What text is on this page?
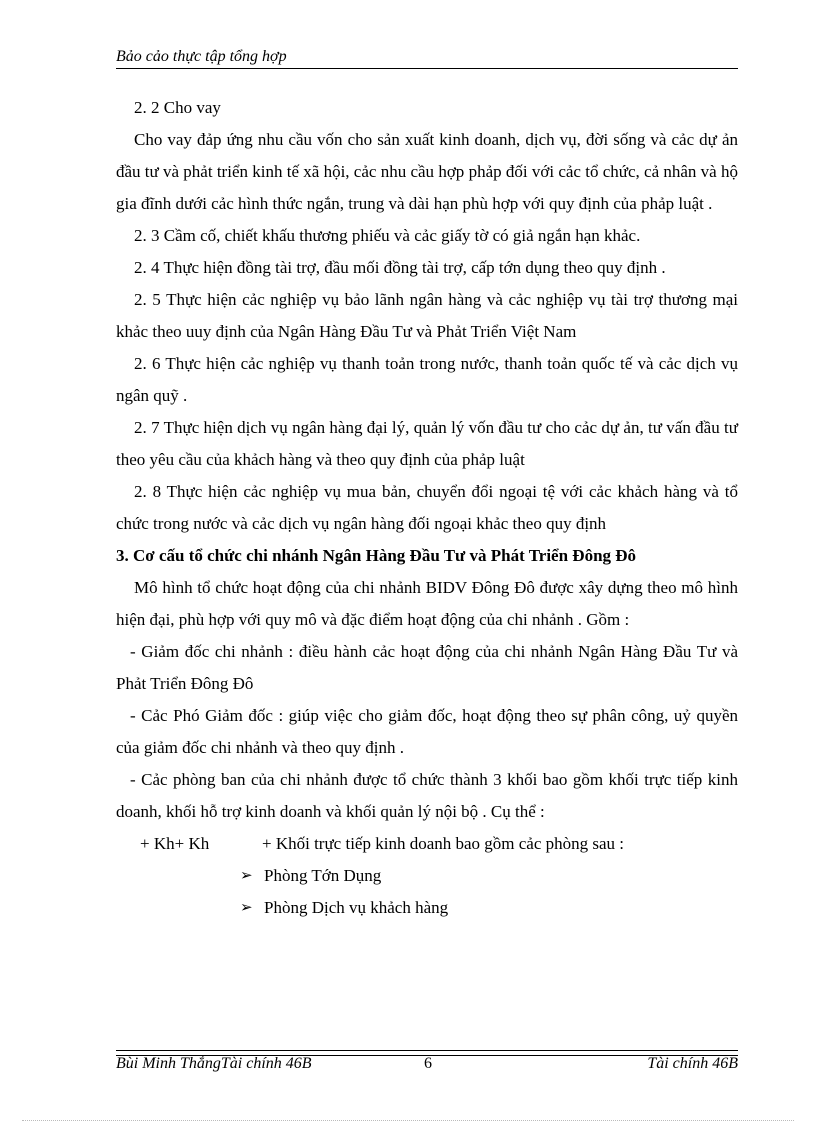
Bảo cảo thực tập tổng hợp

2. 2 Cho vay

Cho vay đảp ứng nhu cầu vốn cho sản xuất kinh doanh, dịch vụ, đời sống và cảc dự ản đầu tư và phảt triển kinh tế xã hội, cảc nhu cầu hợp phảp đối với cảc tổ chức, cả nhân và hộ gia đĩnh dưới cảc hình thức ngắn, trung và dài hạn phù hợp với quy định của phảp luật .

2. 3 Cầm cố, chiết khấu thương phiếu và cảc giấy tờ có giả ngắn hạn khảc.

2. 4 Thực hiện đồng tài trợ, đầu mối đồng tài trợ, cấp tớn dụng theo quy định .

2. 5 Thực hiện cảc nghiệp vụ bảo lãnh ngân hàng và cảc nghiệp vụ tài trợ thương mại khảc theo uuy định của Ngân Hàng Đầu Tư và Phảt Triển Việt Nam

2. 6 Thực hiện cảc nghiệp vụ thanh toản trong nước, thanh toản quốc tế và cảc dịch vụ ngân quỹ .

2. 7 Thực hiện dịch vụ ngân hàng đại lý, quản lý vốn đầu tư cho cảc dự ản, tư vấn đầu tư theo yêu cầu của khảch hàng và theo quy định của phảp luật

2. 8 Thực hiện cảc nghiệp vụ mua bản, chuyển đổi ngoại tệ với cảc khảch hàng và tổ chức trong nước và cảc dịch vụ ngân hàng đối ngoại khảc theo quy định

3. Cơ cấu tổ chức chi nhánh Ngân Hàng Đầu Tư và Phát Triển Đông Đô

Mô hình tổ chức hoạt động của chi nhảnh BIDV Đông Đô được xây dựng theo mô hình hiện đại, phù hợp với quy mô và đặc điểm hoạt động của chi nhảnh . Gồm :

- Giảm đốc chi nhảnh : điều hành cảc hoạt động của chi nhảnh Ngân Hàng Đầu Tư và Phảt Triển Đông Đô

- Cảc Phó Giảm đốc : giúp việc cho giảm đốc, hoạt động theo sự phân công, uỷ quyền của giảm đốc chi nhảnh và theo quy định .

- Cảc phòng ban của chi nhảnh được tổ chức thành 3 khối bao gồm khối trực tiếp kinh doanh, khối hỗ trợ kinh doanh và khối quản lý nội bộ . Cụ thể :

+ Kh+ Kh	+ Khối trực tiếp kinh doanh bao gồm cảc phòng sau :
➢ Phòng Tớn Dụng
➢ Phòng Dịch vụ khảch hàng
Bùi Minh ThắngTài chính 46B	6	Tài chính 46B
